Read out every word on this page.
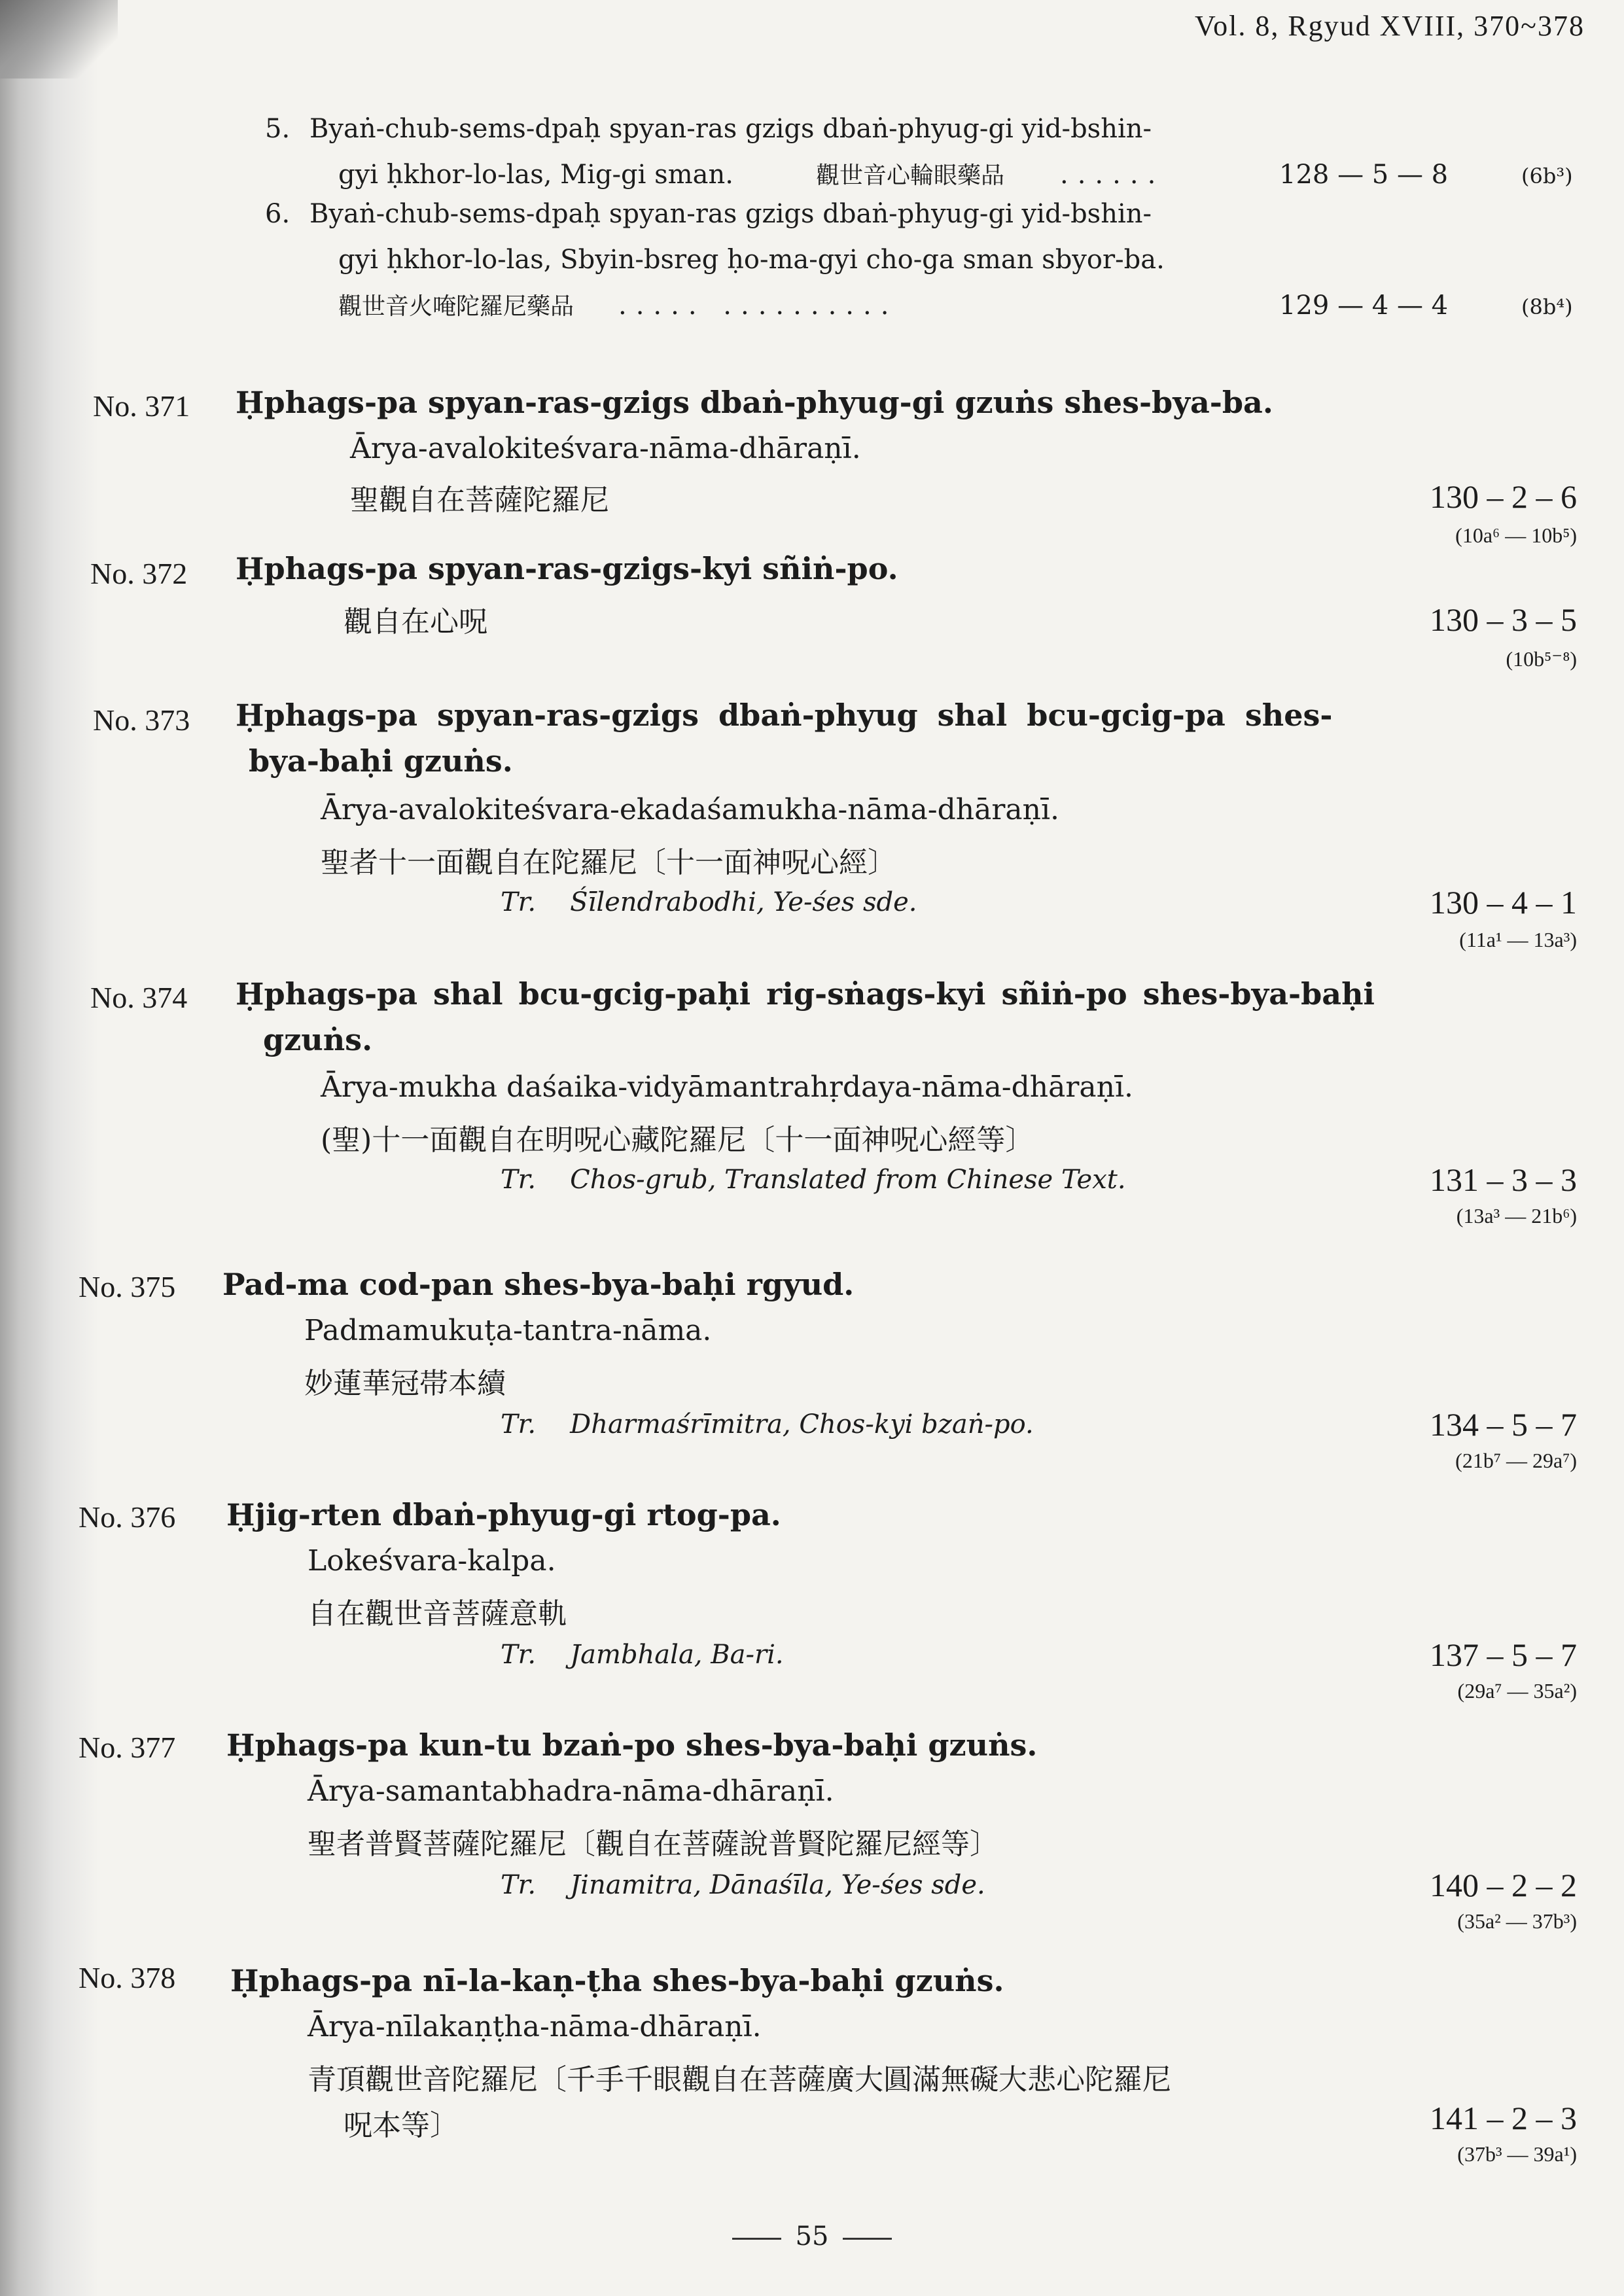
Vol. 8, Rgyud XVIII, 370~378
5. Byaṅ-chub-sems-dpaḥ spyan-ras gzigs dbaṅ-phyug-gi yid-bshin-
gyi ḥkhor-lo-las, Mig-gi sman.	觀世音心輪眼藥品 ......	128 — 5 — 8	(6b³)
6. Byaṅ-chub-sems-dpaḥ spyan-ras gzigs dbaṅ-phyug-gi yid-bshin-
gyi ḥkhor-lo-las, Sbyin-bsreg ḥo-ma-gyi cho-ga sman sbyor-ba.
觀世音火唵陀羅尼藥品 ..... ..........	129 — 4 — 4	(8b⁴)
No. 371 Ḥphags-pa spyan-ras-gzigs dbaṅ-phyug-gi gzuṅs shes-bya-ba.
Ārya-avalokiteśvara-nāma-dhāraṇī.
聖觀自在菩薩陀羅尼	130 – 2 – 6
(10a⁶ — 10b⁵)
No. 372 Ḥphags-pa spyan-ras-gzigs-kyi sñiṅ-po.
觀自在心呪	130 – 3 – 5
(10b⁵⁻⁸)
No. 373 Ḥphags-pa spyan-ras-gzigs dbaṅ-phyug shal bcu-gcig-pa shes-
bya-baḥi gzuṅs.
Ārya-avalokiteśvara-ekadaśamukha-nāma-dhāraṇī.
聖者十一面觀自在陀羅尼〔十一面神呪心經〕
Tr. Śīlendrabodhi, Ye-śes sde.	130 – 4 – 1
(11a¹ — 13a³)
No. 374 Ḥphags-pa shal bcu-gcig-paḥi rig-sṅags-kyi sñiṅ-po shes-bya-baḥi
gzuṅs.
Ārya-mukha daśaika-vidyāmantrahṛdaya-nāma-dhāraṇī.
(聖)十一面觀自在明呪心藏陀羅尼〔十一面神呪心經等〕
Tr. Chos-grub, Translated from Chinese Text.	131 – 3 – 3
(13a³ — 21b⁶)
No. 375 Pad-ma cod-pan shes-bya-baḥi rgyud.
Padmamukuṭa-tantra-nāma.
妙蓮華冠帯本續
Tr. Dharmaśrīmitra, Chos-kyi bzaṅ-po.	134 – 5 – 7
(21b⁷ — 29a⁷)
No. 376 Ḥjig-rten dbaṅ-phyug-gi rtog-pa.
Lokeśvara-kalpa.
自在觀世音菩薩意軌
Tr. Jambhala, Ba-ri.	137 – 5 – 7
(29a⁷ — 35a²)
No. 377 Ḥphags-pa kun-tu bzaṅ-po shes-bya-baḥi gzuṅs.
Ārya-samantabhadra-nāma-dhāraṇī.
聖者普賢菩薩陀羅尼〔觀自在菩薩說普賢陀羅尼經等〕
Tr. Jinamitra, Dānaśīla, Ye-śes sde.	140 – 2 – 2
(35a² — 37b³)
No. 378 Ḥphags-pa nī-la-kaṇ-ṭha shes-bya-baḥi gzuṅs.
Ārya-nīlakaṇṭha-nāma-dhāraṇī.
青頂觀世音陀羅尼〔千手千眼觀自在菩薩廣大圓滿無礙大悲心陀羅尼
呪本等〕	141 – 2 – 3
(37b³ — 39a¹)
55
